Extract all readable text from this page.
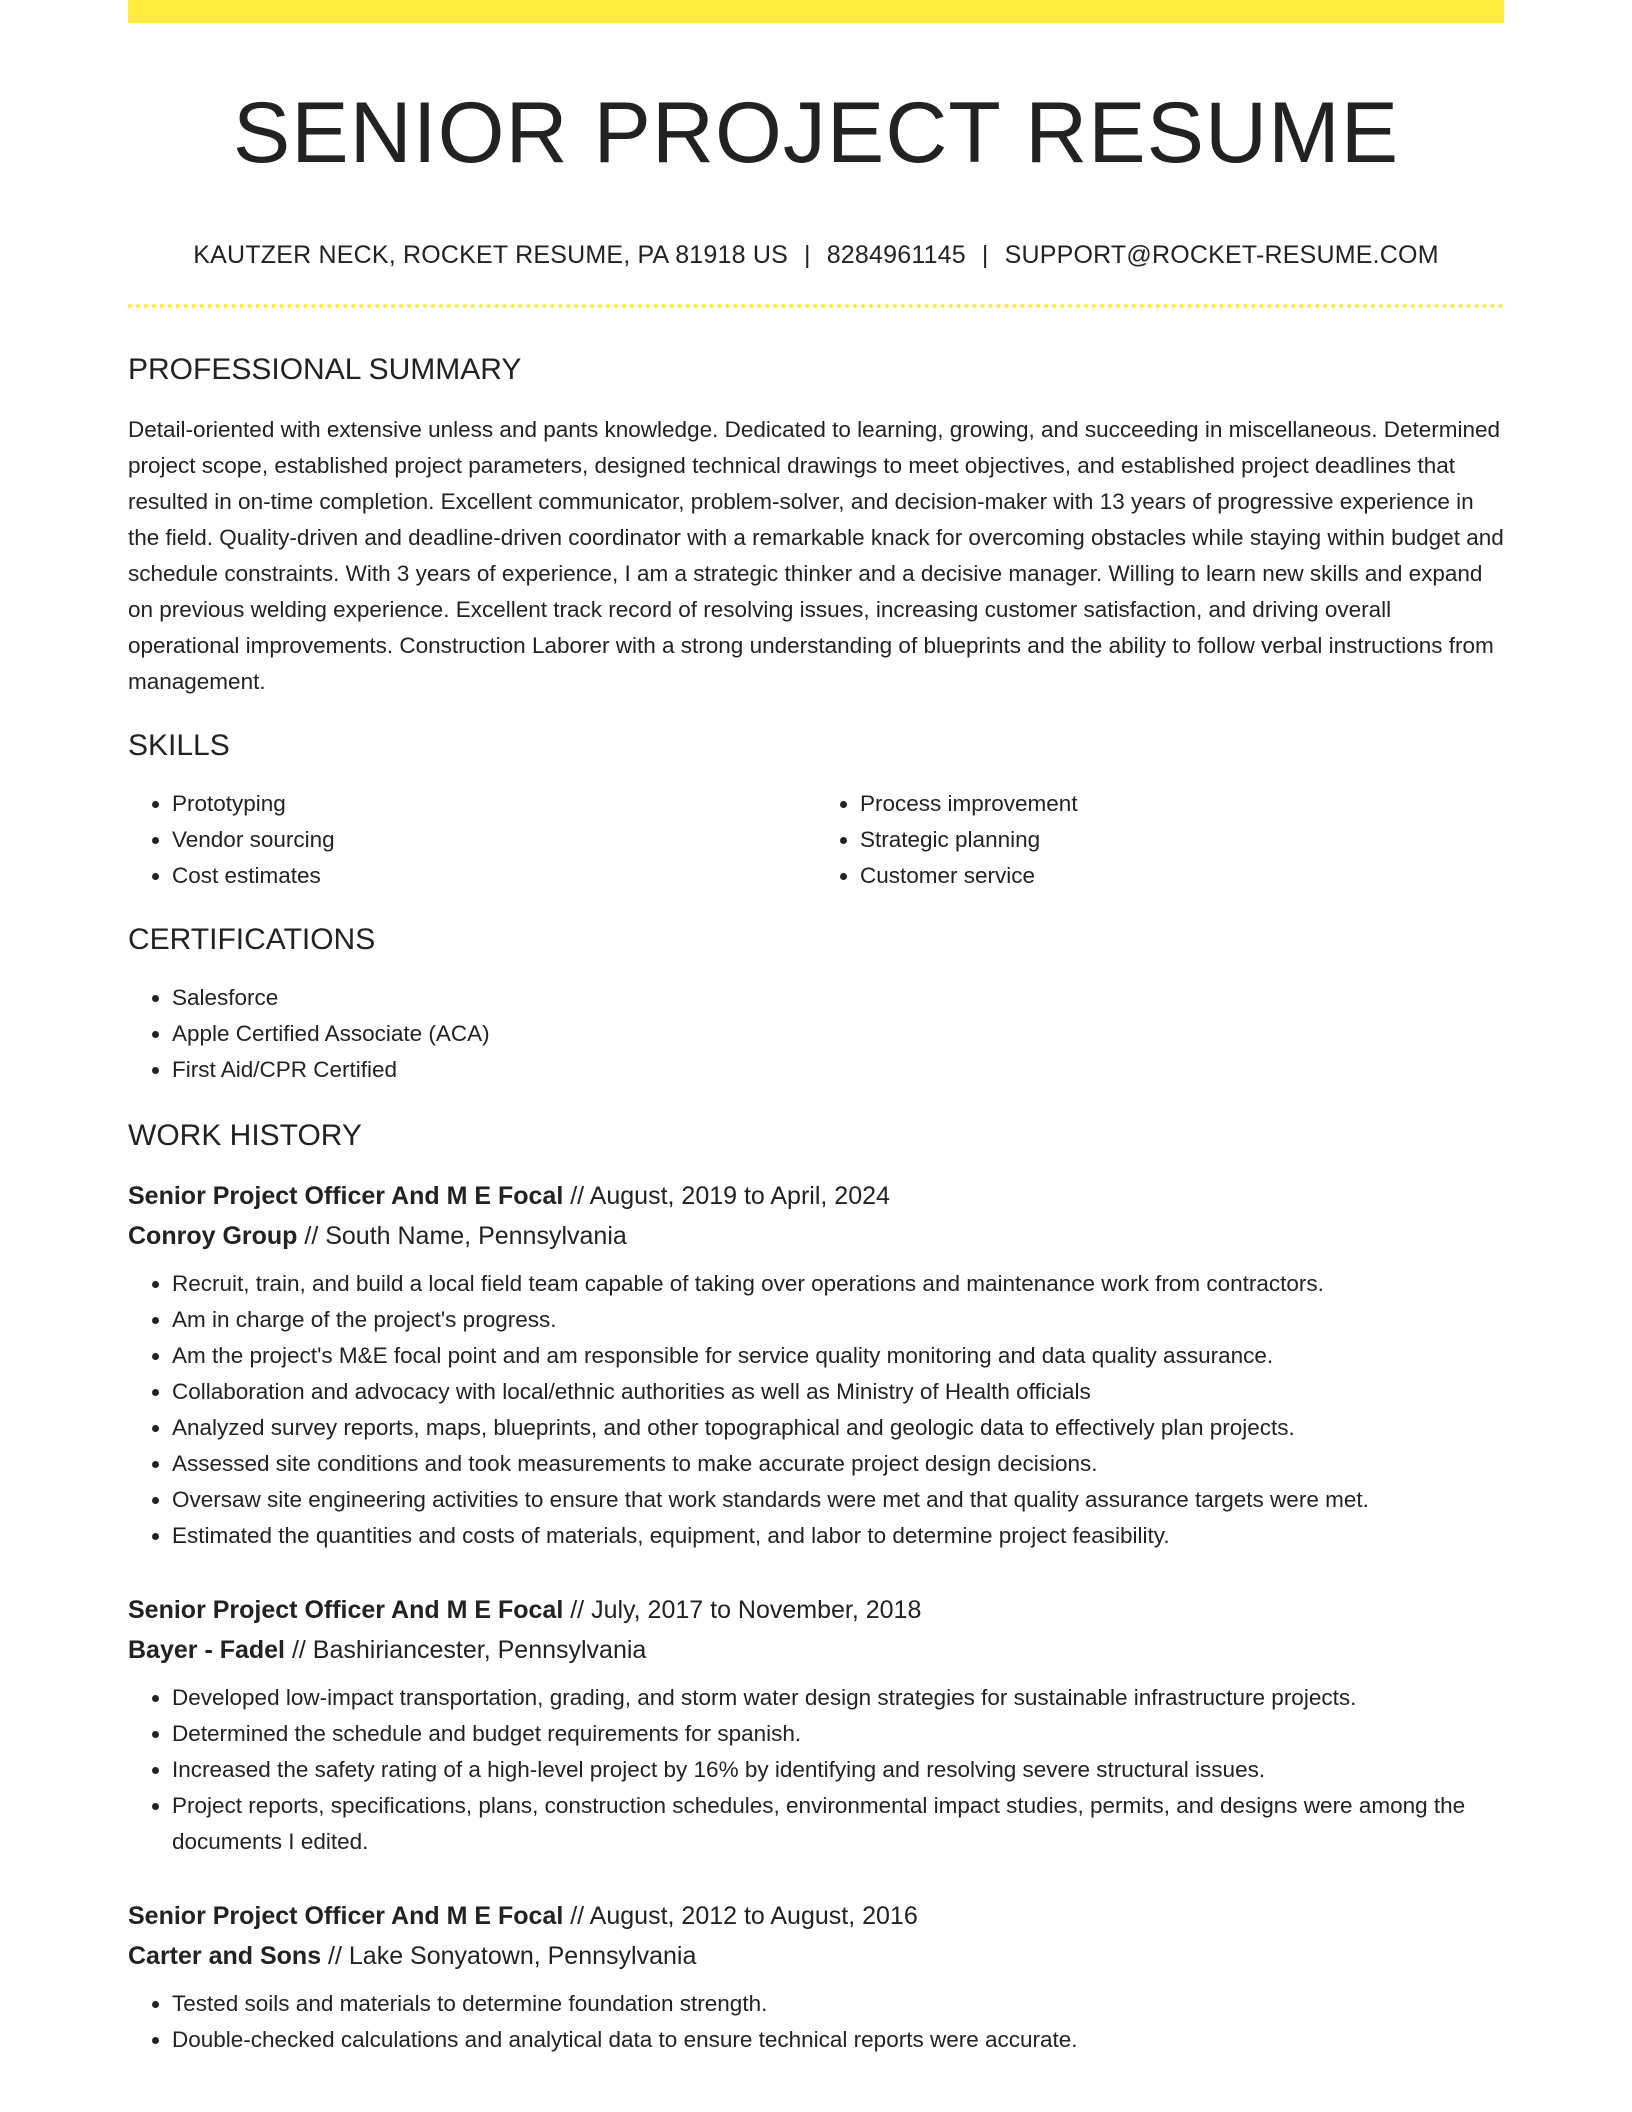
SENIOR PROJECT RESUME
KAUTZER NECK, ROCKET RESUME, PA 81918 US | 8284961145 | SUPPORT@ROCKET-RESUME.COM
PROFESSIONAL SUMMARY
Detail-oriented with extensive unless and pants knowledge. Dedicated to learning, growing, and succeeding in miscellaneous. Determined project scope, established project parameters, designed technical drawings to meet objectives, and established project deadlines that resulted in on-time completion. Excellent communicator, problem-solver, and decision-maker with 13 years of progressive experience in the field. Quality-driven and deadline-driven coordinator with a remarkable knack for overcoming obstacles while staying within budget and schedule constraints. With 3 years of experience, I am a strategic thinker and a decisive manager. Willing to learn new skills and expand on previous welding experience. Excellent track record of resolving issues, increasing customer satisfaction, and driving overall operational improvements. Construction Laborer with a strong understanding of blueprints and the ability to follow verbal instructions from management.
SKILLS
• Prototyping
• Vendor sourcing
• Cost estimates
• Process improvement
• Strategic planning
• Customer service
CERTIFICATIONS
• Salesforce
• Apple Certified Associate (ACA)
• First Aid/CPR Certified
WORK HISTORY
Senior Project Officer And M E Focal // August, 2019 to April, 2024
Conroy Group // South Name, Pennsylvania
• Recruit, train, and build a local field team capable of taking over operations and maintenance work from contractors.
• Am in charge of the project's progress.
• Am the project's M&E focal point and am responsible for service quality monitoring and data quality assurance.
• Collaboration and advocacy with local/ethnic authorities as well as Ministry of Health officials
• Analyzed survey reports, maps, blueprints, and other topographical and geologic data to effectively plan projects.
• Assessed site conditions and took measurements to make accurate project design decisions.
• Oversaw site engineering activities to ensure that work standards were met and that quality assurance targets were met.
• Estimated the quantities and costs of materials, equipment, and labor to determine project feasibility.
Senior Project Officer And M E Focal // July, 2017 to November, 2018
Bayer - Fadel // Bashiriancester, Pennsylvania
• Developed low-impact transportation, grading, and storm water design strategies for sustainable infrastructure projects.
• Determined the schedule and budget requirements for spanish.
• Increased the safety rating of a high-level project by 16% by identifying and resolving severe structural issues.
• Project reports, specifications, plans, construction schedules, environmental impact studies, permits, and designs were among the documents I edited.
Senior Project Officer And M E Focal // August, 2012 to August, 2016
Carter and Sons // Lake Sonyatown, Pennsylvania
• Tested soils and materials to determine foundation strength.
• Double-checked calculations and analytical data to ensure technical reports were accurate.
